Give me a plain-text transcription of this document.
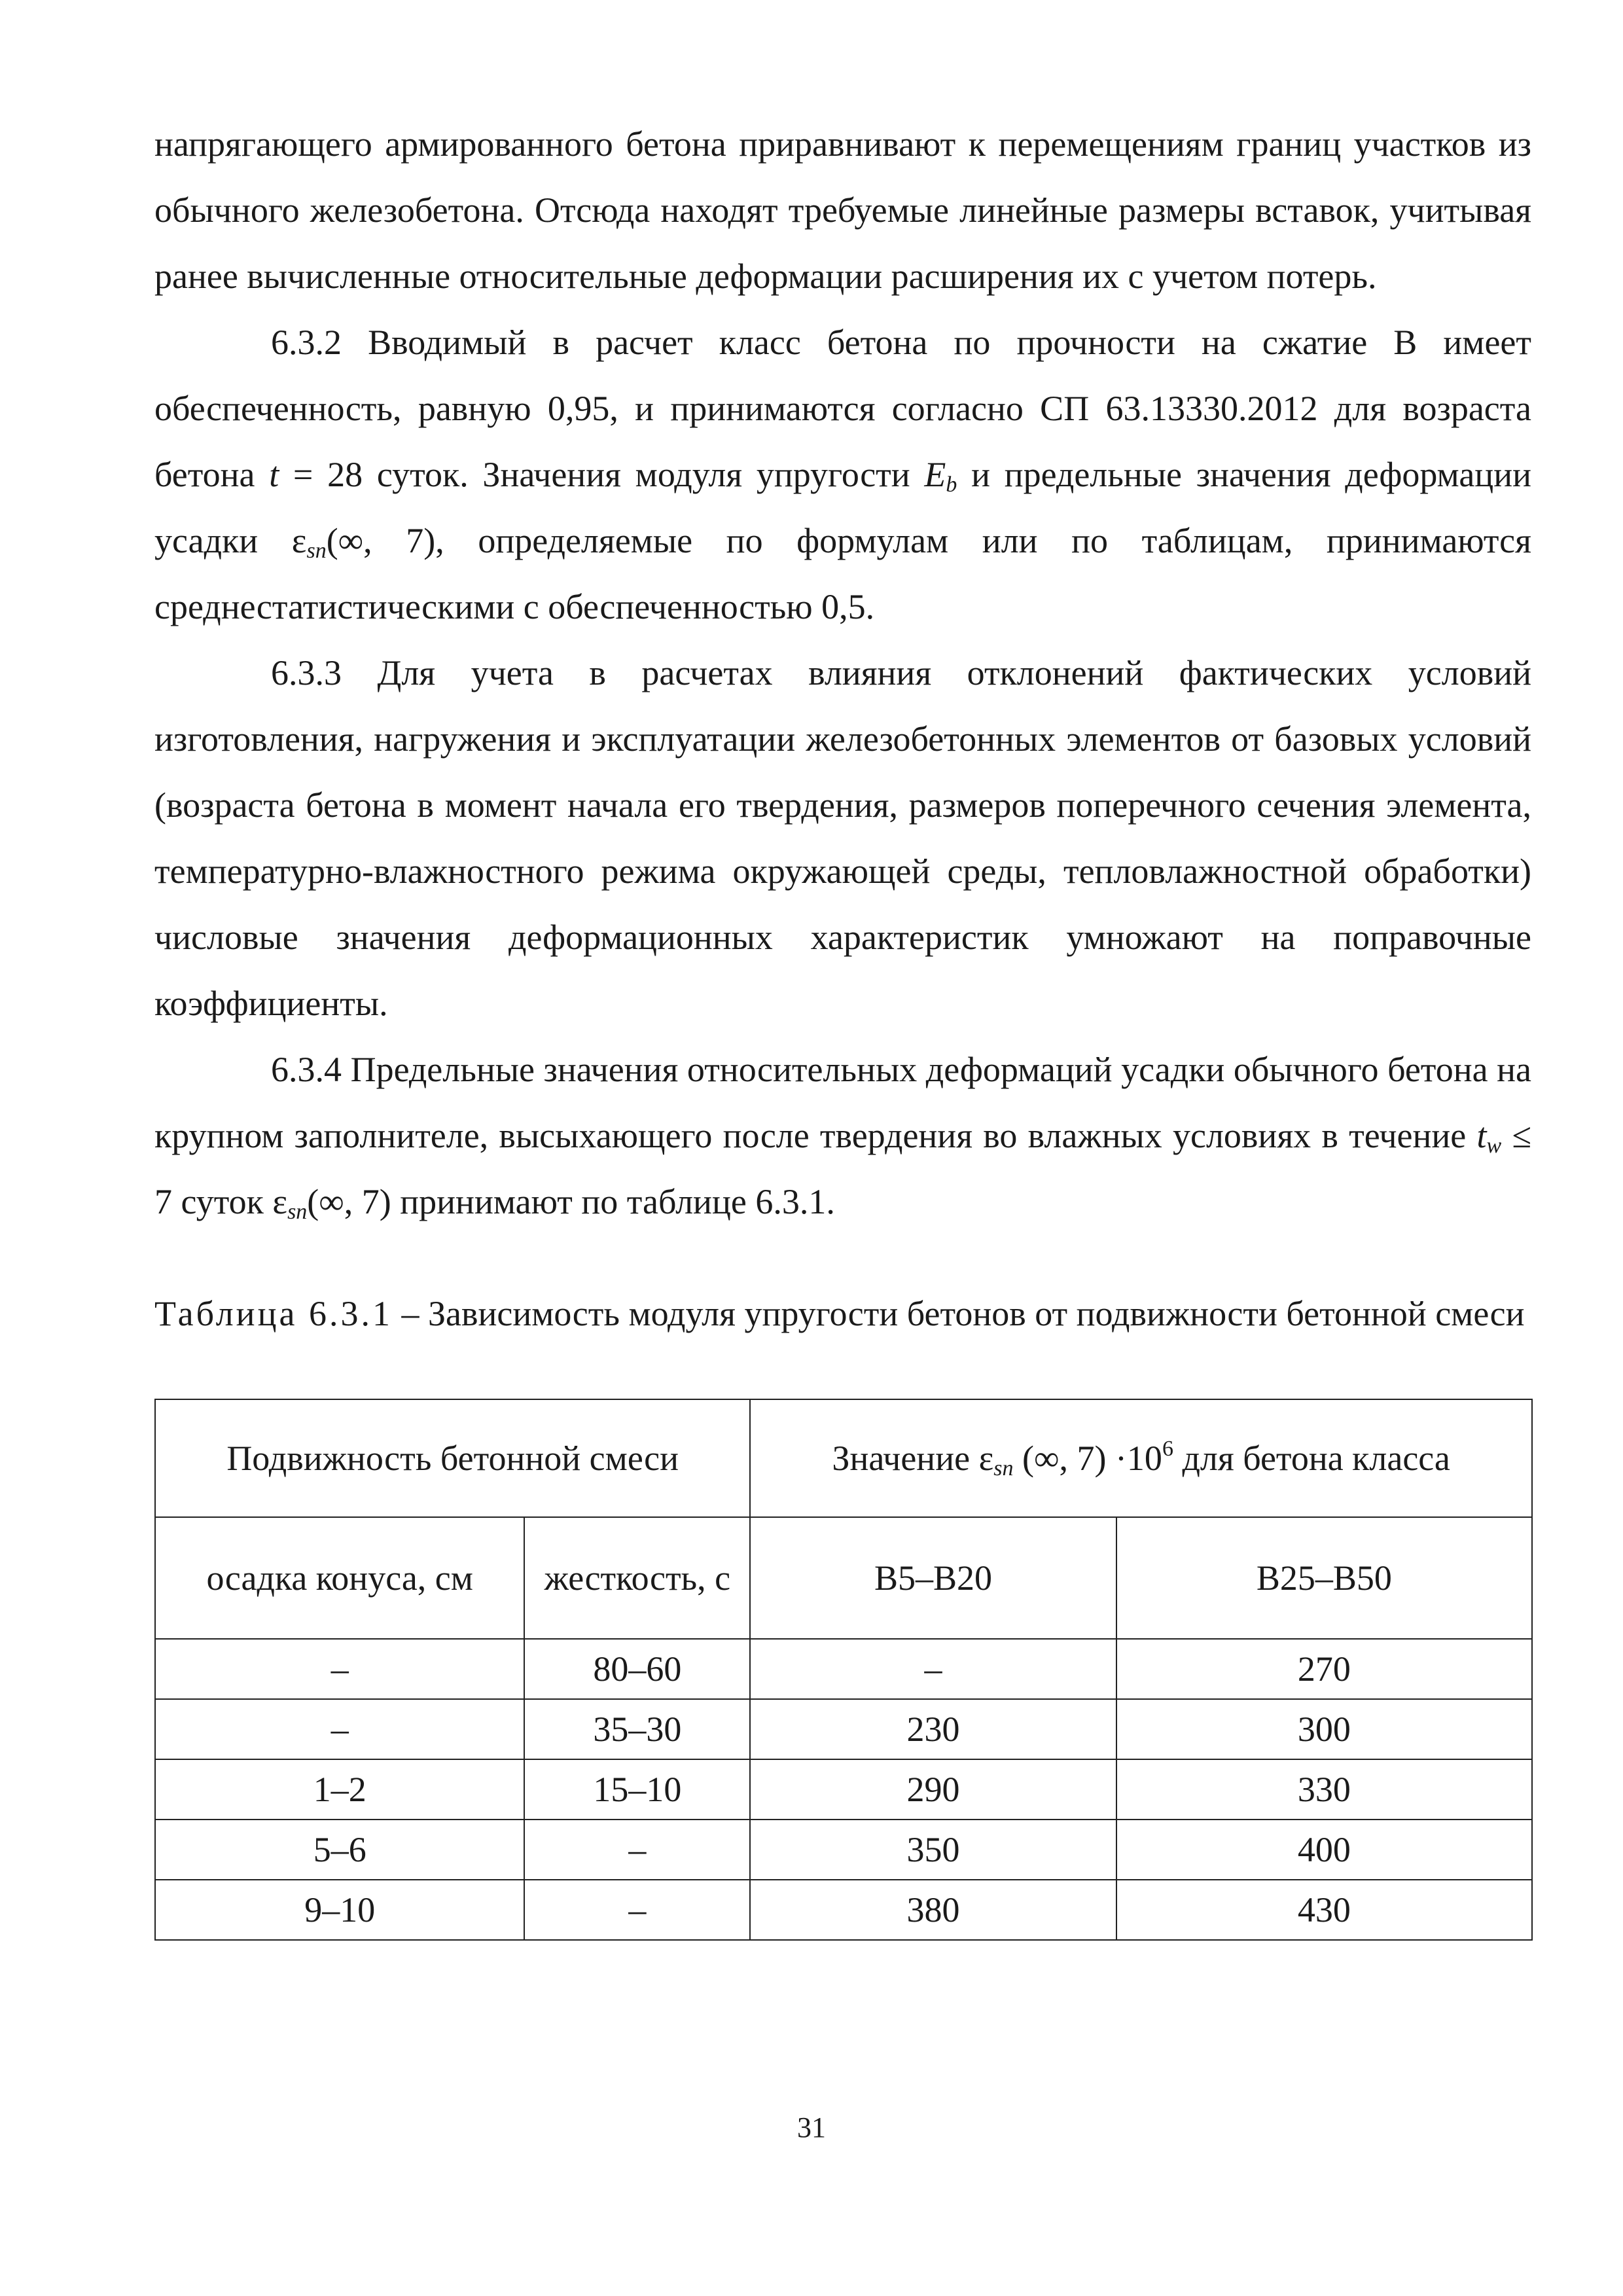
напрягающего армированного бетона приравнивают к перемещениям границ участков из обычного железобетона. Отсюда находят требуемые линейные размеры вставок, учитывая ранее вычисленные относительные деформации расширения их с учетом потерь.

6.3.2 Вводимый в расчет класс бетона по прочности на сжатие В имеет обеспеченность, равную 0,95, и принимаются согласно СП 63.13330.2012 для возраста бетона t = 28 суток. Значения модуля упругости $E_b$ и предельные значения деформации усадки $\varepsilon_{sn}(\infty$, 7), определяемые по формулам или по таблицам, принимаются среднестатистическими с обеспеченностью 0,5.

6.3.3 Для учета в расчетах влияния отклонений фактических условий изготовления, нагружения и эксплуатации железобетонных элементов от базовых условий (возраста бетона в момент начала его твердения, размеров поперечного сечения элемента, температурно-влажностного режима окружающей среды, тепловлажностной обработки) числовые значения деформационных характеристик умножают на поправочные коэффициенты.

6.3.4 Предельные значения относительных деформаций усадки обычного бетона на крупном заполнителе, высыхающего после твердения во влажных условиях в течение $t_w \le 7$ суток $\varepsilon_{sn}(\infty$, 7) принимают по таблице 6.3.1.

Таблица 6.3.1 – Зависимость модуля упругости бетонов от подвижности бетонной смеси
Подвижность бетонной смеси		Значение $\varepsilon_{sn}$ (∞, $7) \cdot 10^6$ для бетона класса	
осадка конуса, см	жесткость, с	В5–В20	В25–В50
–	80–60	–	270
–	35–30	230	300
1–2	15–10	290	330
5–6	–	350	400
9–10	–	380	430
31
